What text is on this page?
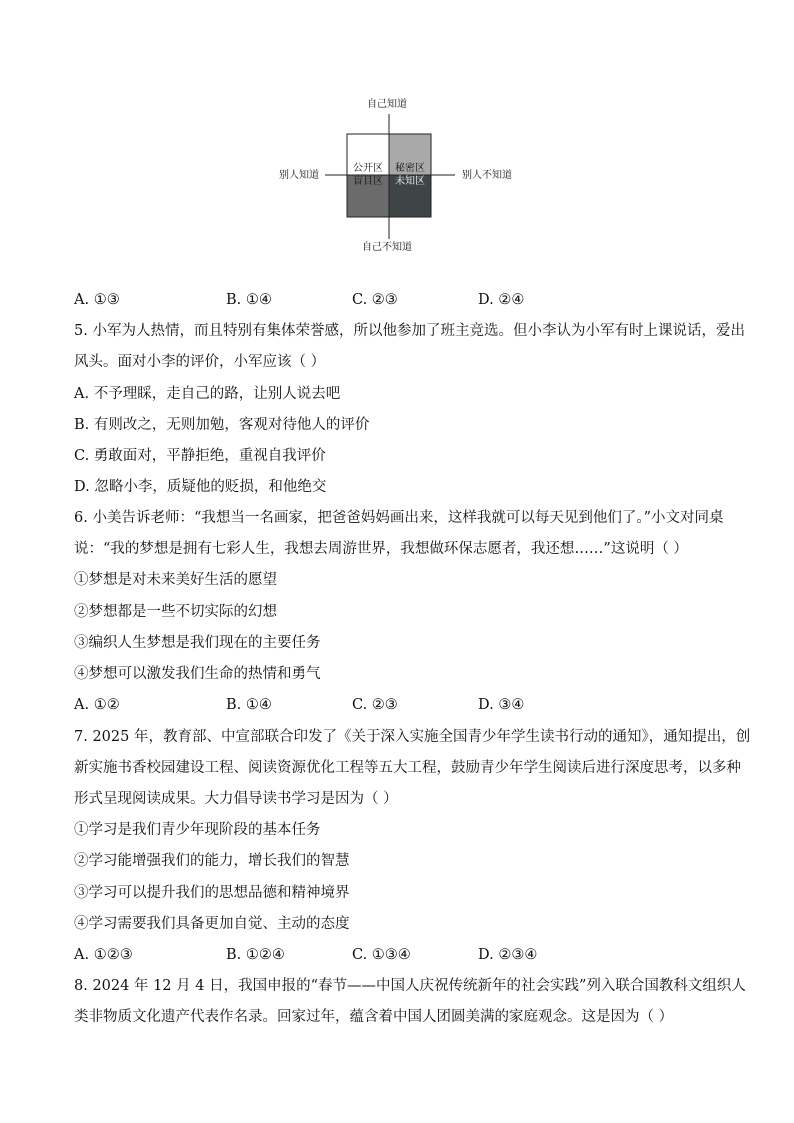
自己知道
自己不知道
别人知道	别人不知道
公开区 秘密区
盲目区 未知区
A. ①③	B. ①④	C. ②③	D. ②④
5. 小军为人热情，而且特别有集体荣誉感，所以他参加了班主竞选。但小李认为小军有时上课说话，爱出
风头。面对小李的评价，小军应该（ ）
A. 不予理睬，走自己的路，让别人说去吧
B. 有则改之，无则加勉，客观对待他人的评价
C. 勇敢面对，平静拒绝，重视自我评价
D. 忽略小李，质疑他的贬损，和他绝交
6. 小美告诉老师：“我想当一名画家，把爸爸妈妈画出来，这样我就可以每天见到他们了。”小文对同桌
说：“我的梦想是拥有七彩人生，我想去周游世界，我想做环保志愿者，我还想……”这说明（ ）
①梦想是对未来美好生活的愿望
②梦想都是一些不切实际的幻想
③编织人生梦想是我们现在的主要任务
④梦想可以激发我们生命的热情和勇气
A. ①②	B. ①④	C. ②③	D. ③④
7. 2025 年，教育部、中宣部联合印发了《关于深入实施全国青少年学生读书行动的通知》，通知提出，创
新实施书香校园建设工程、阅读资源优化工程等五大工程，鼓励青少年学生阅读后进行深度思考，以多种
形式呈现阅读成果。大力倡导读书学习是因为（ ）
①学习是我们青少年现阶段的基本任务
②学习能增强我们的能力，增长我们的智慧
③学习可以提升我们的思想品德和精神境界
④学习需要我们具备更加自觉、主动的态度
A. ①②③	B. ①②④	C. ①③④	D. ②③④
8. 2024 年 12 月 4 日，我国申报的“春节——中国人庆祝传统新年的社会实践”列入联合国教科文组织人
类非物质文化遗产代表作名录。回家过年，蕴含着中国人团圆美满的家庭观念。这是因为（ ）
